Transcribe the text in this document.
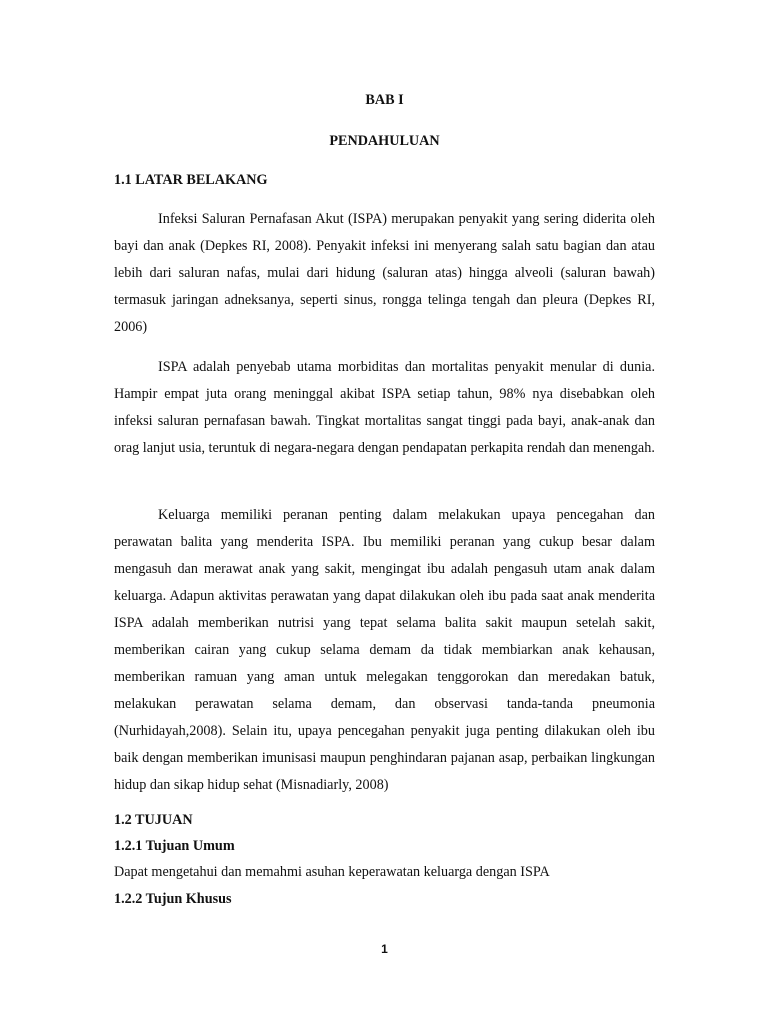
BAB I
PENDAHULUAN
1.1 LATAR BELAKANG

Infeksi Saluran Pernafasan Akut (ISPA) merupakan penyakit yang sering diderita oleh bayi dan anak (Depkes RI, 2008). Penyakit infeksi ini menyerang salah satu bagian dan atau lebih dari saluran nafas, mulai dari hidung (saluran atas) hingga alveoli (saluran bawah) termasuk jaringan adneksanya, seperti sinus, rongga telinga tengah dan pleura (Depkes RI, 2006)

ISPA adalah penyebab utama morbiditas dan mortalitas penyakit menular di dunia. Hampir empat juta orang meninggal akibat ISPA setiap tahun, 98% nya disebabkan oleh infeksi saluran pernafasan bawah. Tingkat mortalitas sangat tinggi pada bayi, anak-anak dan orag lanjut usia, teruntuk di negara-negara dengan pendapatan perkapita rendah dan menengah.

Keluarga memiliki peranan penting dalam melakukan upaya pencegahan dan perawatan balita yang menderita ISPA. Ibu memiliki peranan yang cukup besar dalam mengasuh dan merawat anak yang sakit, mengingat ibu adalah pengasuh utam anak dalam keluarga. Adapun aktivitas perawatan yang dapat dilakukan oleh ibu pada saat anak menderita ISPA adalah memberikan nutrisi yang tepat selama balita sakit maupun setelah sakit, memberikan cairan yang cukup selama demam da tidak membiarkan anak kehausan, memberikan ramuan yang aman untuk melegakan tenggorokan dan meredakan batuk, melakukan perawatan selama demam, dan observasi tanda-tanda pneumonia (Nurhidayah,2008). Selain itu, upaya pencegahan penyakit juga penting dilakukan oleh ibu baik dengan memberikan imunisasi maupun penghindaran pajanan asap, perbaikan lingkungan hidup dan sikap hidup sehat (Misnadiarly, 2008)

1.2 TUJUAN
1.2.1 Tujuan Umum
Dapat mengetahui dan memahmi asuhan keperawatan keluarga dengan ISPA
1.2.2 Tujun Khusus
1
